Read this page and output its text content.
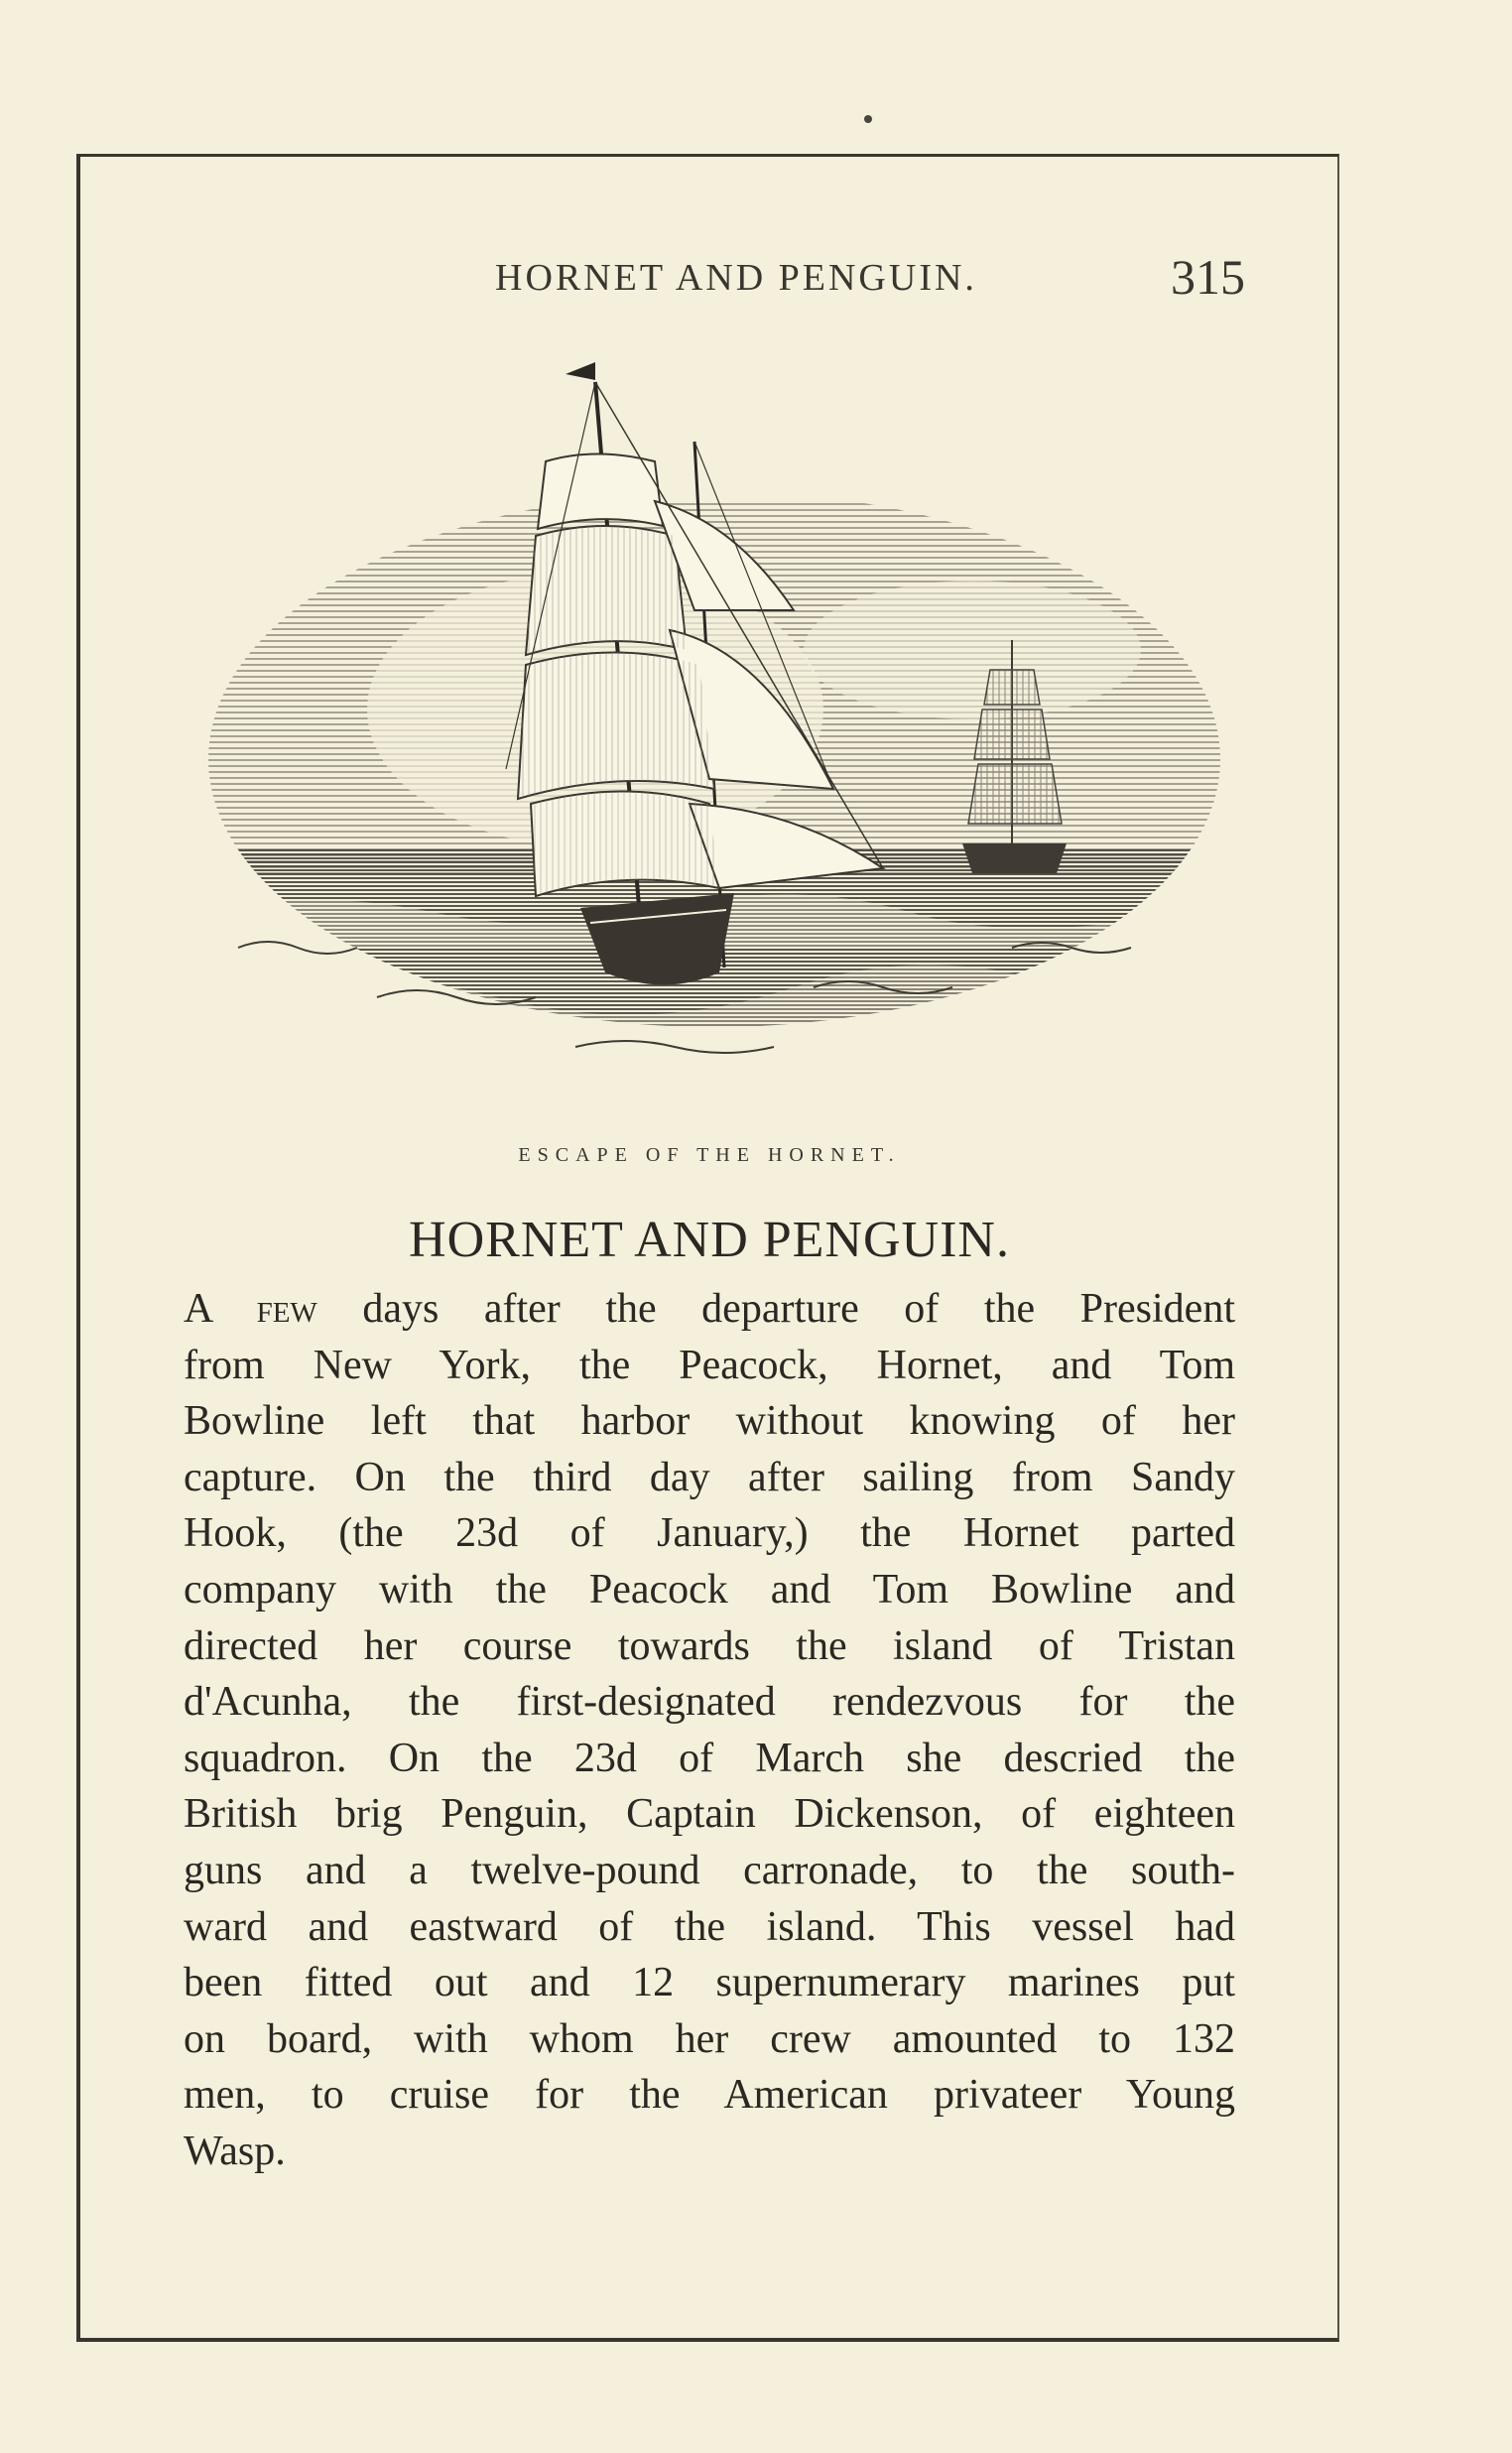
HORNET AND PENGUIN.	315
ESCAPE OF THE HORNET.
HORNET AND PENGUIN.
A few days after the departure of the President
from New York, the Peacock, Hornet, and Tom
Bowline left that harbor without knowing of her
capture. On the third day after sailing from Sandy
Hook, (the 23d of January,) the Hornet parted
company with the Peacock and Tom Bowline and
directed her course towards the island of Tristan
d'Acunha, the first-designated rendezvous for the
squadron. On the 23d of March she descried the
British brig Penguin, Captain Dickenson, of eighteen
guns and a twelve-pound carronade, to the south-
ward and eastward of the island. This vessel had
been fitted out and 12 supernumerary marines put
on board, with whom her crew amounted to 132
men, to cruise for the American privateer Young
Wasp.
